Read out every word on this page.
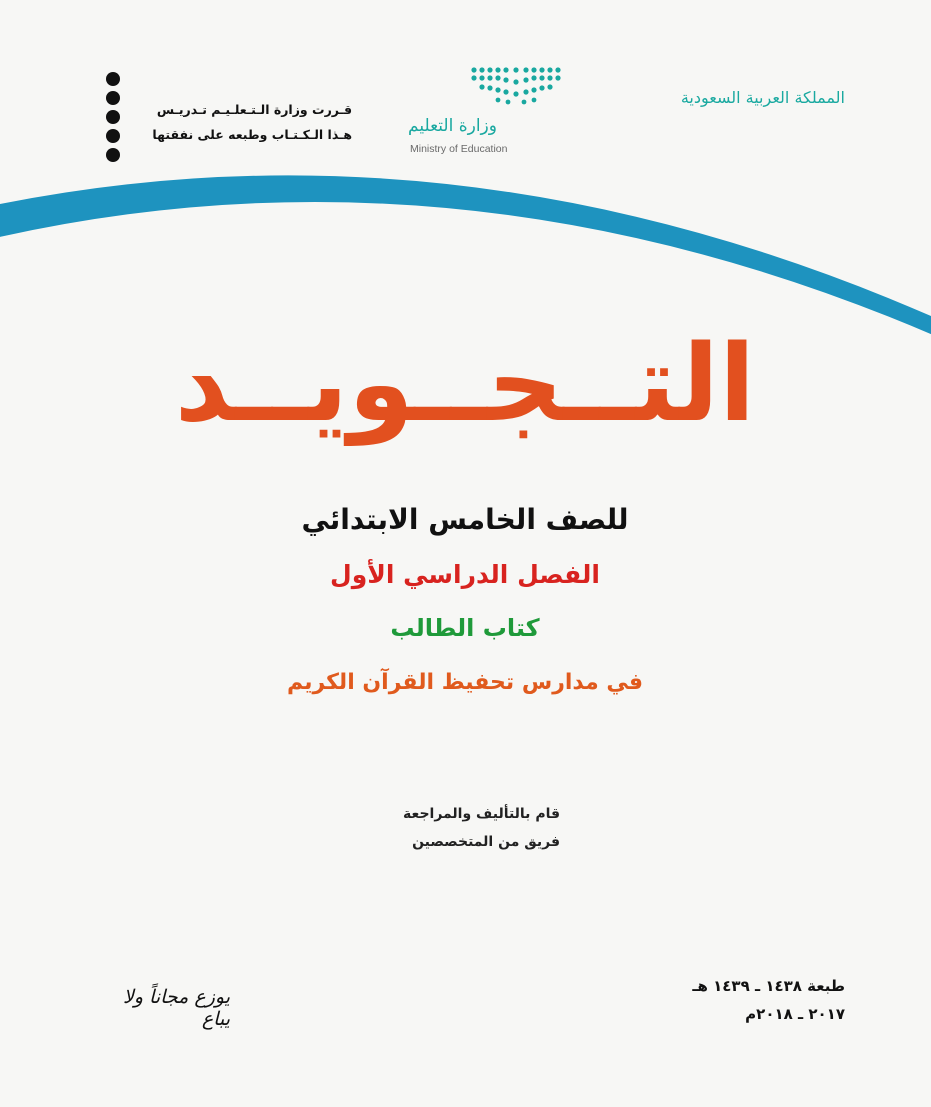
المملكة العربية السعودية
وزارة التعليم
Ministry of Education
قـررت وزارة الـتـعلـيـم تـدريـس
هـذا الـكـتـاب وطبعه على نفقتها
التــجــويــد
للصف الخامس الابتدائي
الفصل الدراسي الأول
كتاب الطالب
في مدارس تحفيظ القرآن الكريم
قام بالتأليف والمراجعة
فريق من المتخصصين
طبعة ١٤٣٨ ـ ١٤٣٩ هـ
٢٠١٧ ـ ٢٠١٨م
يوزع مجاناً ولا يباع
